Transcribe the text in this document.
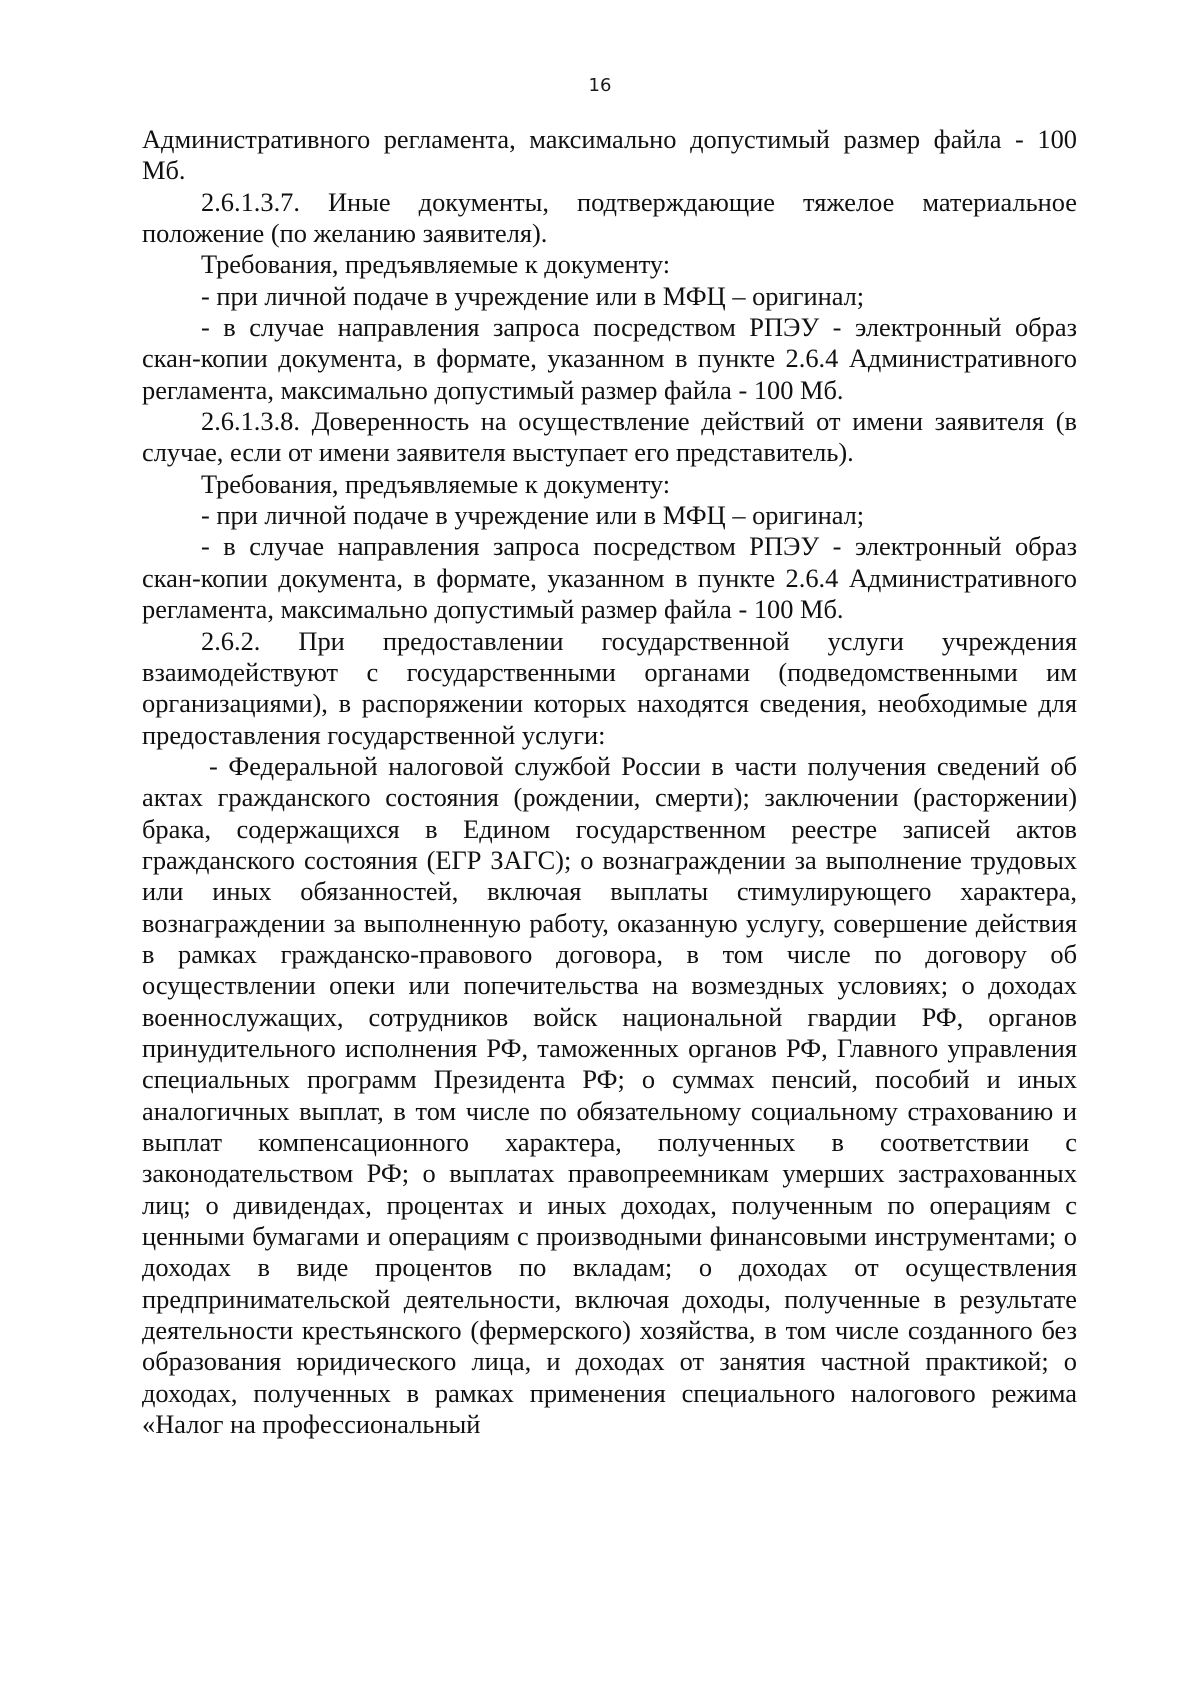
16

Административного регламента, максимально допустимый размер файла - 100 Мб.

2.6.1.3.7. Иные документы, подтверждающие тяжелое материальное положение (по желанию заявителя).

Требования, предъявляемые к документу:

- при личной подаче в учреждение или в МФЦ – оригинал;

- в случае направления запроса посредством РПЭУ - электронный образ скан-копии документа, в формате, указанном в пункте 2.6.4 Административного регламента, максимально допустимый размер файла - 100 Мб.

2.6.1.3.8. Доверенность на осуществление действий от имени заявителя (в случае, если от имени заявителя выступает его представитель).

Требования, предъявляемые к документу:

- при личной подаче в учреждение или в МФЦ – оригинал;

- в случае направления запроса посредством РПЭУ - электронный образ скан-копии документа, в формате, указанном в пункте 2.6.4 Административного регламента, максимально допустимый размер файла - 100 Мб.

2.6.2. При предоставлении государственной услуги учреждения взаимодействуют с государственными органами (подведомственными им организациями), в распоряжении которых находятся сведения, необходимые для предоставления государственной услуги:

- Федеральной налоговой службой России в части получения сведений об актах гражданского состояния (рождении, смерти); заключении (расторжении) брака, содержащихся в Едином государственном реестре записей актов гражданского состояния (ЕГР ЗАГС); о вознаграждении за выполнение трудовых или иных обязанностей, включая выплаты стимулирующего характера, вознаграждении за выполненную работу, оказанную услугу, совершение действия в рамках гражданско-правового договора, в том числе по договору об осуществлении опеки или попечительства на возмездных условиях; о доходах военнослужащих, сотрудников войск национальной гвардии РФ, органов принудительного исполнения РФ, таможенных органов РФ, Главного управления специальных программ Президента РФ; о суммах пенсий, пособий и иных аналогичных выплат, в том числе по обязательному социальному страхованию и выплат компенсационного характера, полученных в соответствии с законодательством РФ; о выплатах правопреемникам умерших застрахованных лиц; о дивидендах, процентах и иных доходах, полученным по операциям с ценными бумагами и операциям с производными финансовыми инструментами; о доходах в виде процентов по вкладам; о доходах от осуществления предпринимательской деятельности, включая доходы, полученные в результате деятельности крестьянского (фермерского) хозяйства, в том числе созданного без образования юридического лица, и доходах от занятия частной практикой; о доходах, полученных в рамках применения специального налогового режима «Налог на профессиональный
